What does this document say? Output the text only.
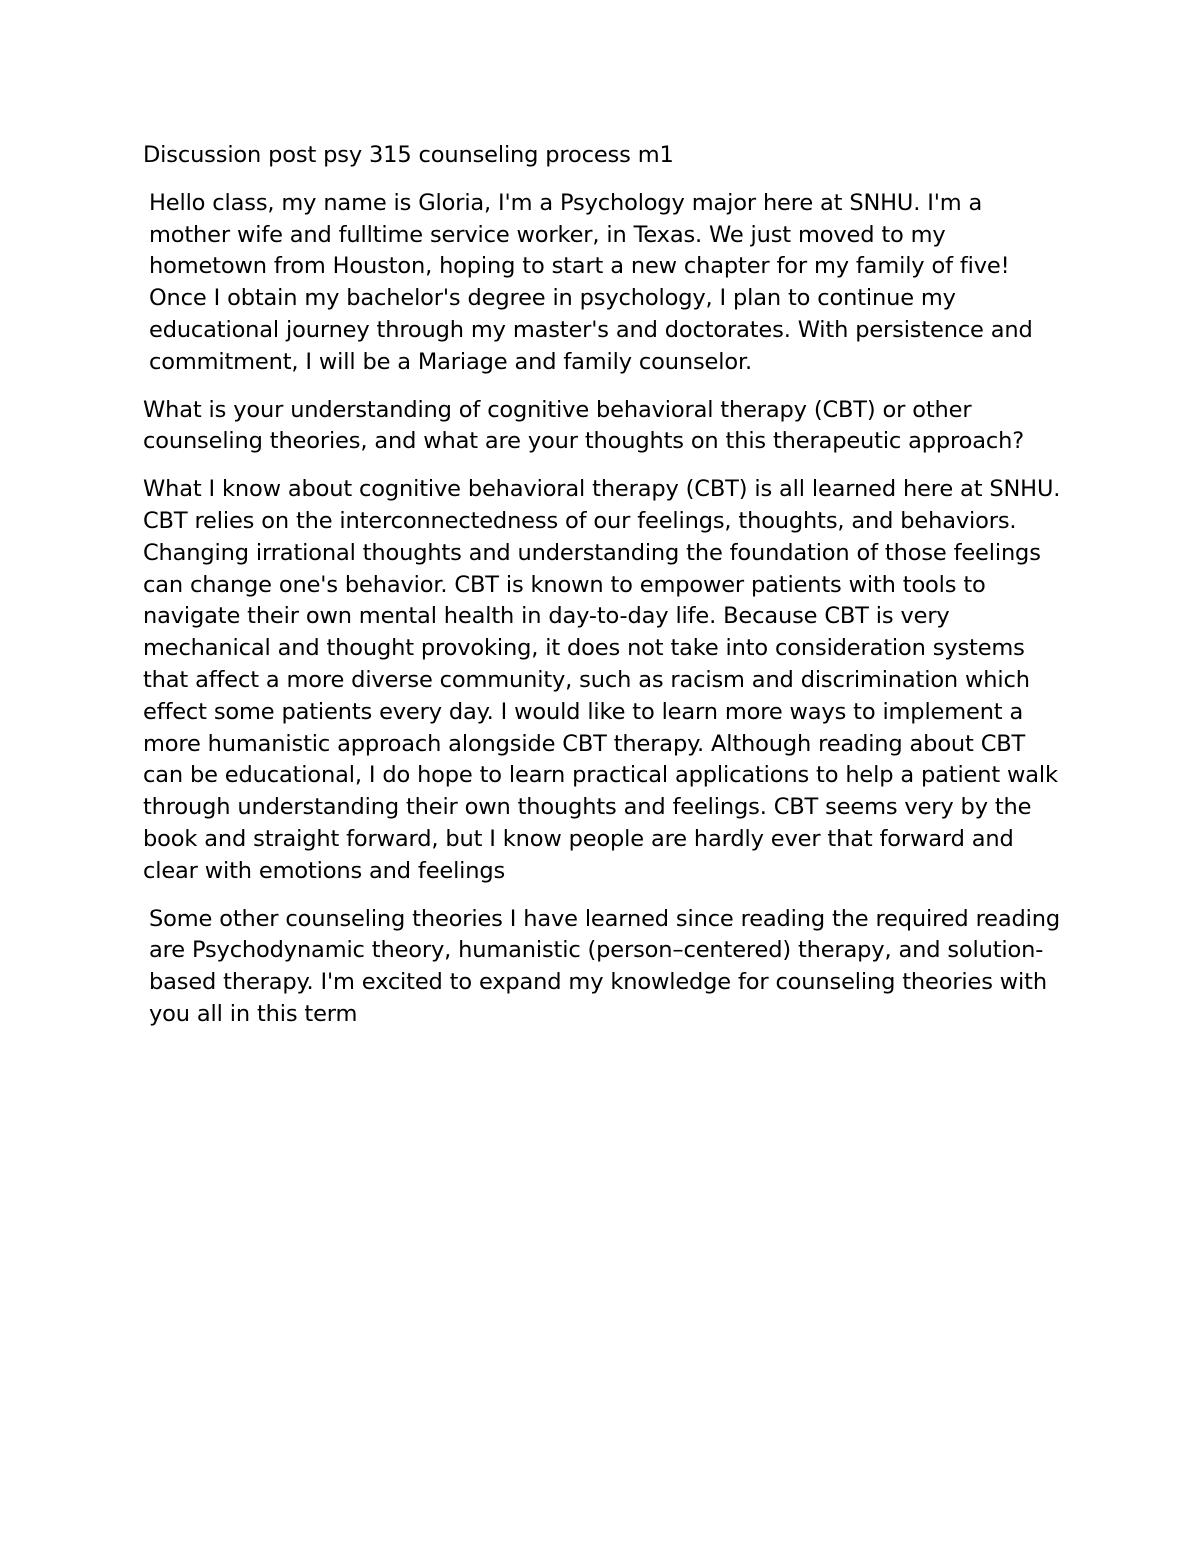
Discussion post psy 315 counseling process m1

Hello class, my name is Gloria, I'm a Psychology major here at SNHU. I'm a mother wife and fulltime service worker, in Texas. We just moved to my hometown from Houston, hoping to start a new chapter for my family of five! Once I obtain my bachelor's degree in psychology, I plan to continue my educational journey through my master's and doctorates. With persistence and commitment, I will be a Mariage and family counselor.

What is your understanding of cognitive behavioral therapy (CBT) or other counseling theories, and what are your thoughts on this therapeutic approach?

What I know about cognitive behavioral therapy (CBT) is all learned here at SNHU. CBT relies on the interconnectedness of our feelings, thoughts, and behaviors. Changing irrational thoughts and understanding the foundation of those feelings can change one's behavior. CBT is known to empower patients with tools to navigate their own mental health in day-to-day life. Because CBT is very mechanical and thought provoking, it does not take into consideration systems that affect a more diverse community, such as racism and discrimination which effect some patients every day. I would like to learn more ways to implement a more humanistic approach alongside CBT therapy. Although reading about CBT can be educational, I do hope to learn practical applications to help a patient walk through understanding their own thoughts and feelings. CBT seems very by the book and straight forward, but I know people are hardly ever that forward and clear with emotions and feelings

Some other counseling theories I have learned since reading the required reading are Psychodynamic theory, humanistic (person–centered) therapy, and solution-based therapy. I'm excited to expand my knowledge for counseling theories with you all in this term
